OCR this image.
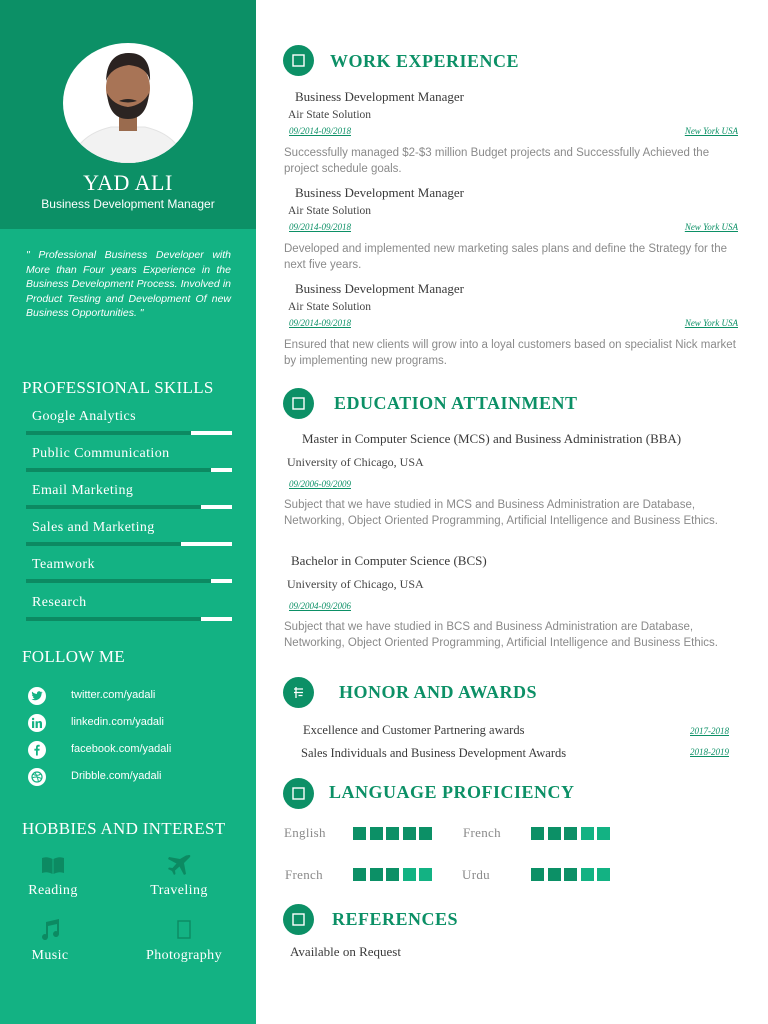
YAD ALI
Business Development Manager
" Professional Business Developer with More than Four years Experience in the Business Development Process. Involved in Product Testing and Development Of new Business Opportunities. "
PROFESSIONAL SKILLS
Google Analytics
Public Communication
Email Marketing
Sales and Marketing
Teamwork
Research
FOLLOW ME
twitter.com/yadali
linkedin.com/yadali
facebook.com/yadali
Dribble.com/yadali
HOBBIES AND INTEREST
Reading	Traveling
Music	Photography
WORK EXPERIENCE
Business Development Manager
Air State Solution
09/2014-09/2018	New York USA
Successfully managed $2-$3 million Budget projects and Successfully Achieved the project schedule goals.
Business Development Manager
Air State Solution
09/2014-09/2018	New York USA
Developed and implemented new marketing sales plans and define the Strategy for the next five years.
Business Development Manager
Air State Solution
09/2014-09/2018	New York USA
Ensured that new clients will grow into a loyal customers based on specialist Nick market by implementing new programs.
EDUCATION ATTAINMENT
Master in Computer Science (MCS) and Business Administration (BBA)
University of Chicago, USA
09/2006-09/2009
Subject that we have studied in MCS and Business Administration are Database, Networking, Object Oriented Programming, Artificial Intelligence and Business Ethics.
Bachelor in Computer Science (BCS)
University of Chicago, USA
09/2004-09/2006
Subject that we have studied in BCS and Business Administration are Database, Networking, Object Oriented Programming, Artificial Intelligence and Business Ethics.
HONOR AND AWARDS
Excellence and Customer Partnering awards	2017-2018
Sales Individuals and Business Development Awards	2018-2019
LANGUAGE PROFICIENCY
English	French
French	Urdu
REFERENCES
Available on Request
